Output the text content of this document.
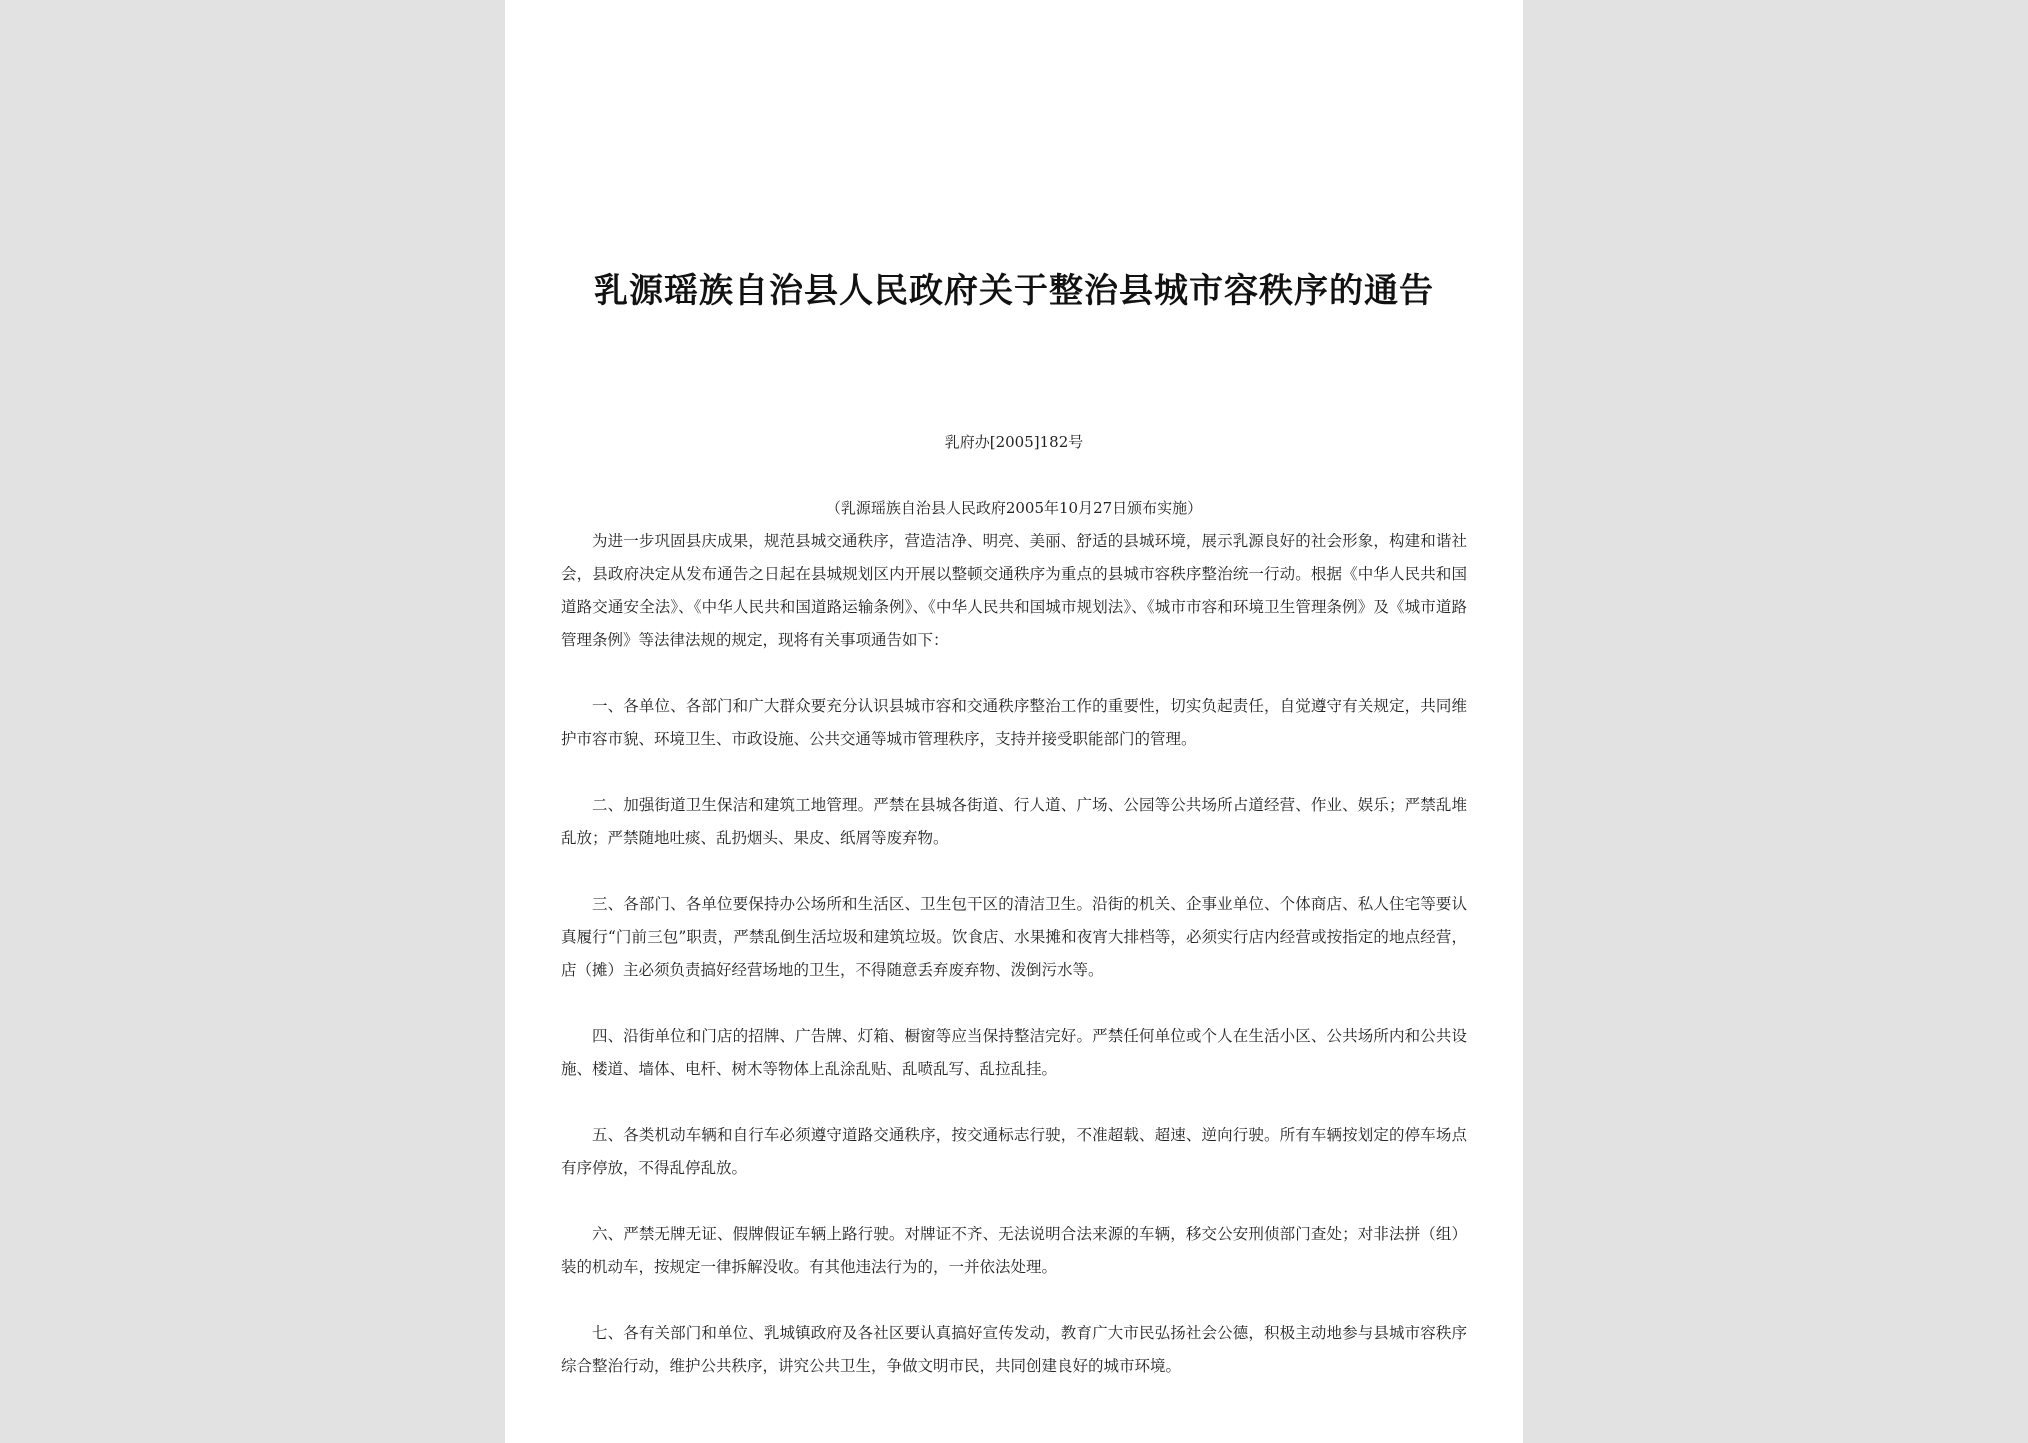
乳源瑶族自治县人民政府关于整治县城市容秩序的通告
乳府办[2005]182号
（乳源瑶族自治县人民政府2005年10月27日颁布实施）

为进一步巩固县庆成果，规范县城交通秩序，营造洁净、明亮、美丽、舒适的县城环境，展示乳源良好的社会形象，构建和谐社会，县政府决定从发布通告之日起在县城规划区内开展以整顿交通秩序为重点的县城市容秩序整治统一行动。根据《中华人民共和国道路交通安全法》、《中华人民共和国道路运输条例》、《中华人民共和国城市规划法》、《城市市容和环境卫生管理条例》及《城市道路管理条例》等法律法规的规定，现将有关事项通告如下：

一、各单位、各部门和广大群众要充分认识县城市容和交通秩序整治工作的重要性，切实负起责任，自觉遵守有关规定，共同维护市容市貌、环境卫生、市政设施、公共交通等城市管理秩序，支持并接受职能部门的管理。

二、加强街道卫生保洁和建筑工地管理。严禁在县城各街道、行人道、广场、公园等公共场所占道经营、作业、娱乐；严禁乱堆乱放；严禁随地吐痰、乱扔烟头、果皮、纸屑等废弃物。

三、各部门、各单位要保持办公场所和生活区、卫生包干区的清洁卫生。沿街的机关、企事业单位、个体商店、私人住宅等要认真履行“门前三包”职责，严禁乱倒生活垃圾和建筑垃圾。饮食店、水果摊和夜宵大排档等，必须实行店内经营或按指定的地点经营，店（摊）主必须负责搞好经营场地的卫生，不得随意丢弃废弃物、泼倒污水等。

四、沿街单位和门店的招牌、广告牌、灯箱、橱窗等应当保持整洁完好。严禁任何单位或个人在生活小区、公共场所内和公共设施、楼道、墙体、电杆、树木等物体上乱涂乱贴、乱喷乱写、乱拉乱挂。

五、各类机动车辆和自行车必须遵守道路交通秩序，按交通标志行驶，不准超载、超速、逆向行驶。所有车辆按划定的停车场点有序停放，不得乱停乱放。

六、严禁无牌无证、假牌假证车辆上路行驶。对牌证不齐、无法说明合法来源的车辆，移交公安刑侦部门查处；对非法拼（组）装的机动车，按规定一律拆解没收。有其他违法行为的，一并依法处理。

七、各有关部门和单位、乳城镇政府及各社区要认真搞好宣传发动，教育广大市民弘扬社会公德，积极主动地参与县城市容秩序综合整治行动，维护公共秩序，讲究公共卫生，争做文明市民，共同创建良好的城市环境。
